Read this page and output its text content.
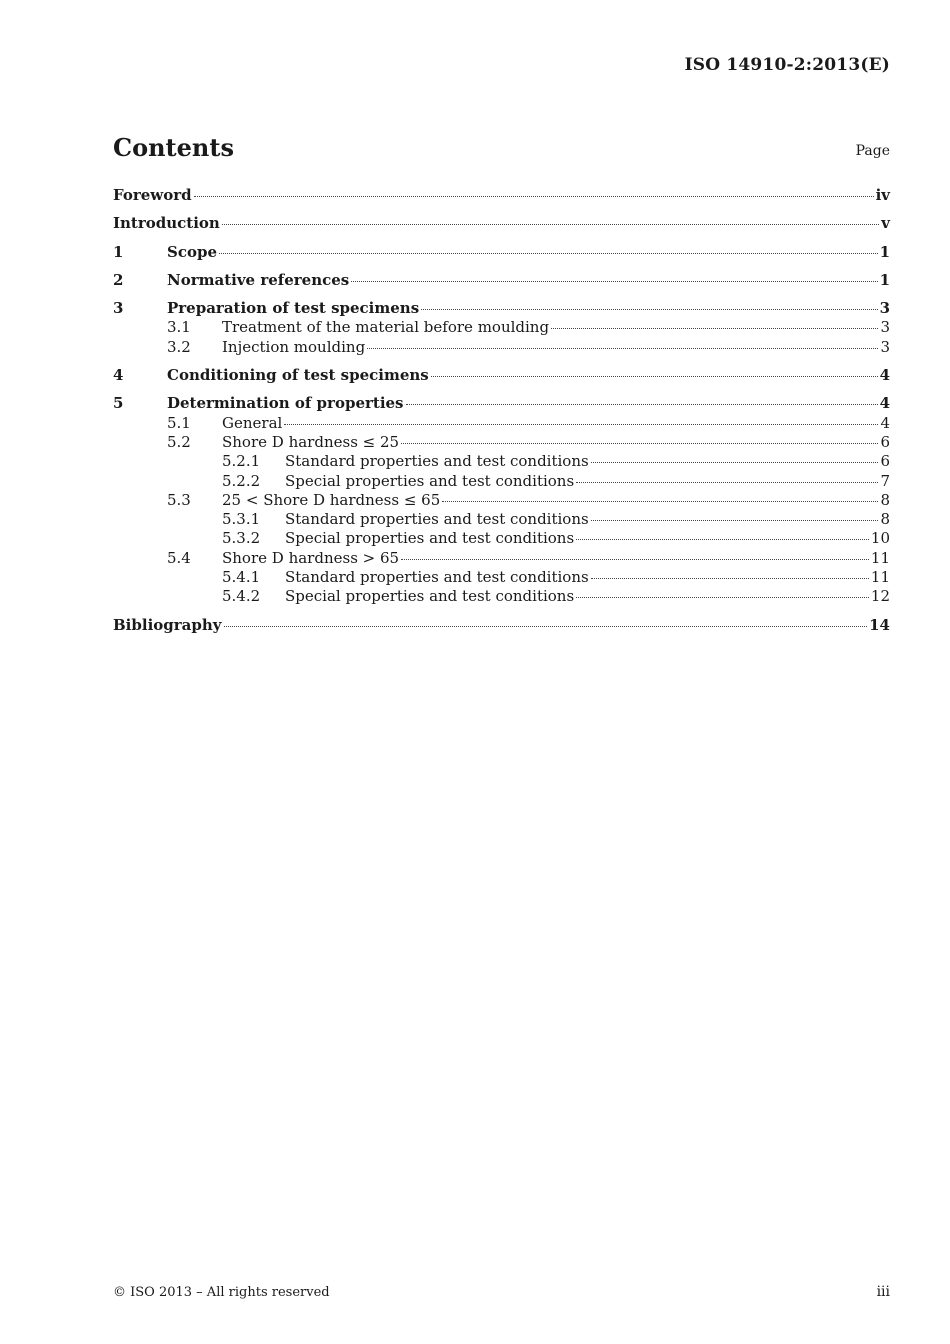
ISO 14910-2:2013(E)
Contents	Page
Foreword	iv
Introduction	v
1	Scope	1
2	Normative references	1
3	Preparation of test specimens	3
3.1 Treatment of the material before moulding	3
3.2 Injection moulding	3
4	Conditioning of test specimens	4
5	Determination of properties	4
5.1 General	4
5.2 Shore D hardness ≤ 25	6
5.2.1 Standard properties and test conditions	6
5.2.2 Special properties and test conditions	7
5.3 25 < Shore D hardness ≤ 65	8
5.3.1 Standard properties and test conditions	8
5.3.2 Special properties and test conditions	10
5.4 Shore D hardness > 65	11
5.4.1 Standard properties and test conditions	11
5.4.2 Special properties and test conditions	12
Bibliography	14
© ISO 2013 – All rights reserved	iii
